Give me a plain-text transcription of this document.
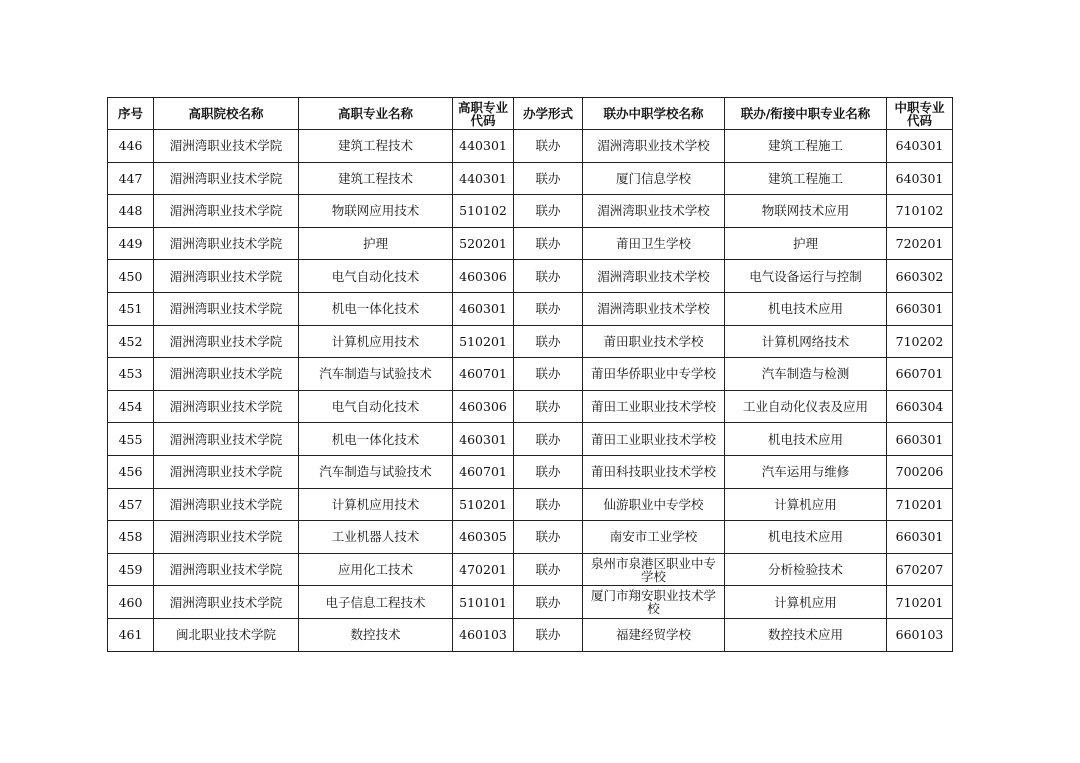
序号	高职院校名称	高职专业名称	高职专业代码	办学形式	联办中职学校名称	联办/衔接中职专业名称	中职专业代码
446	湄洲湾职业技术学院	建筑工程技术	440301	联办	湄洲湾职业技术学校	建筑工程施工	640301
447	湄洲湾职业技术学院	建筑工程技术	440301	联办	厦门信息学校	建筑工程施工	640301
448	湄洲湾职业技术学院	物联网应用技术	510102	联办	湄洲湾职业技术学校	物联网技术应用	710102
449	湄洲湾职业技术学院	护理	520201	联办	莆田卫生学校	护理	720201
450	湄洲湾职业技术学院	电气自动化技术	460306	联办	湄洲湾职业技术学校	电气设备运行与控制	660302
451	湄洲湾职业技术学院	机电一体化技术	460301	联办	湄洲湾职业技术学校	机电技术应用	660301
452	湄洲湾职业技术学院	计算机应用技术	510201	联办	莆田职业技术学校	计算机网络技术	710202
453	湄洲湾职业技术学院	汽车制造与试验技术	460701	联办	莆田华侨职业中专学校	汽车制造与检测	660701
454	湄洲湾职业技术学院	电气自动化技术	460306	联办	莆田工业职业技术学校	工业自动化仪表及应用	660304
455	湄洲湾职业技术学院	机电一体化技术	460301	联办	莆田工业职业技术学校	机电技术应用	660301
456	湄洲湾职业技术学院	汽车制造与试验技术	460701	联办	莆田科技职业技术学校	汽车运用与维修	700206
457	湄洲湾职业技术学院	计算机应用技术	510201	联办	仙游职业中专学校	计算机应用	710201
458	湄洲湾职业技术学院	工业机器人技术	460305	联办	南安市工业学校	机电技术应用	660301
459	湄洲湾职业技术学院	应用化工技术	470201	联办	泉州市泉港区职业中专学校	分析检验技术	670207
460	湄洲湾职业技术学院	电子信息工程技术	510101	联办	厦门市翔安职业技术学校	计算机应用	710201
461	闽北职业技术学院	数控技术	460103	联办	福建经贸学校	数控技术应用	660103
